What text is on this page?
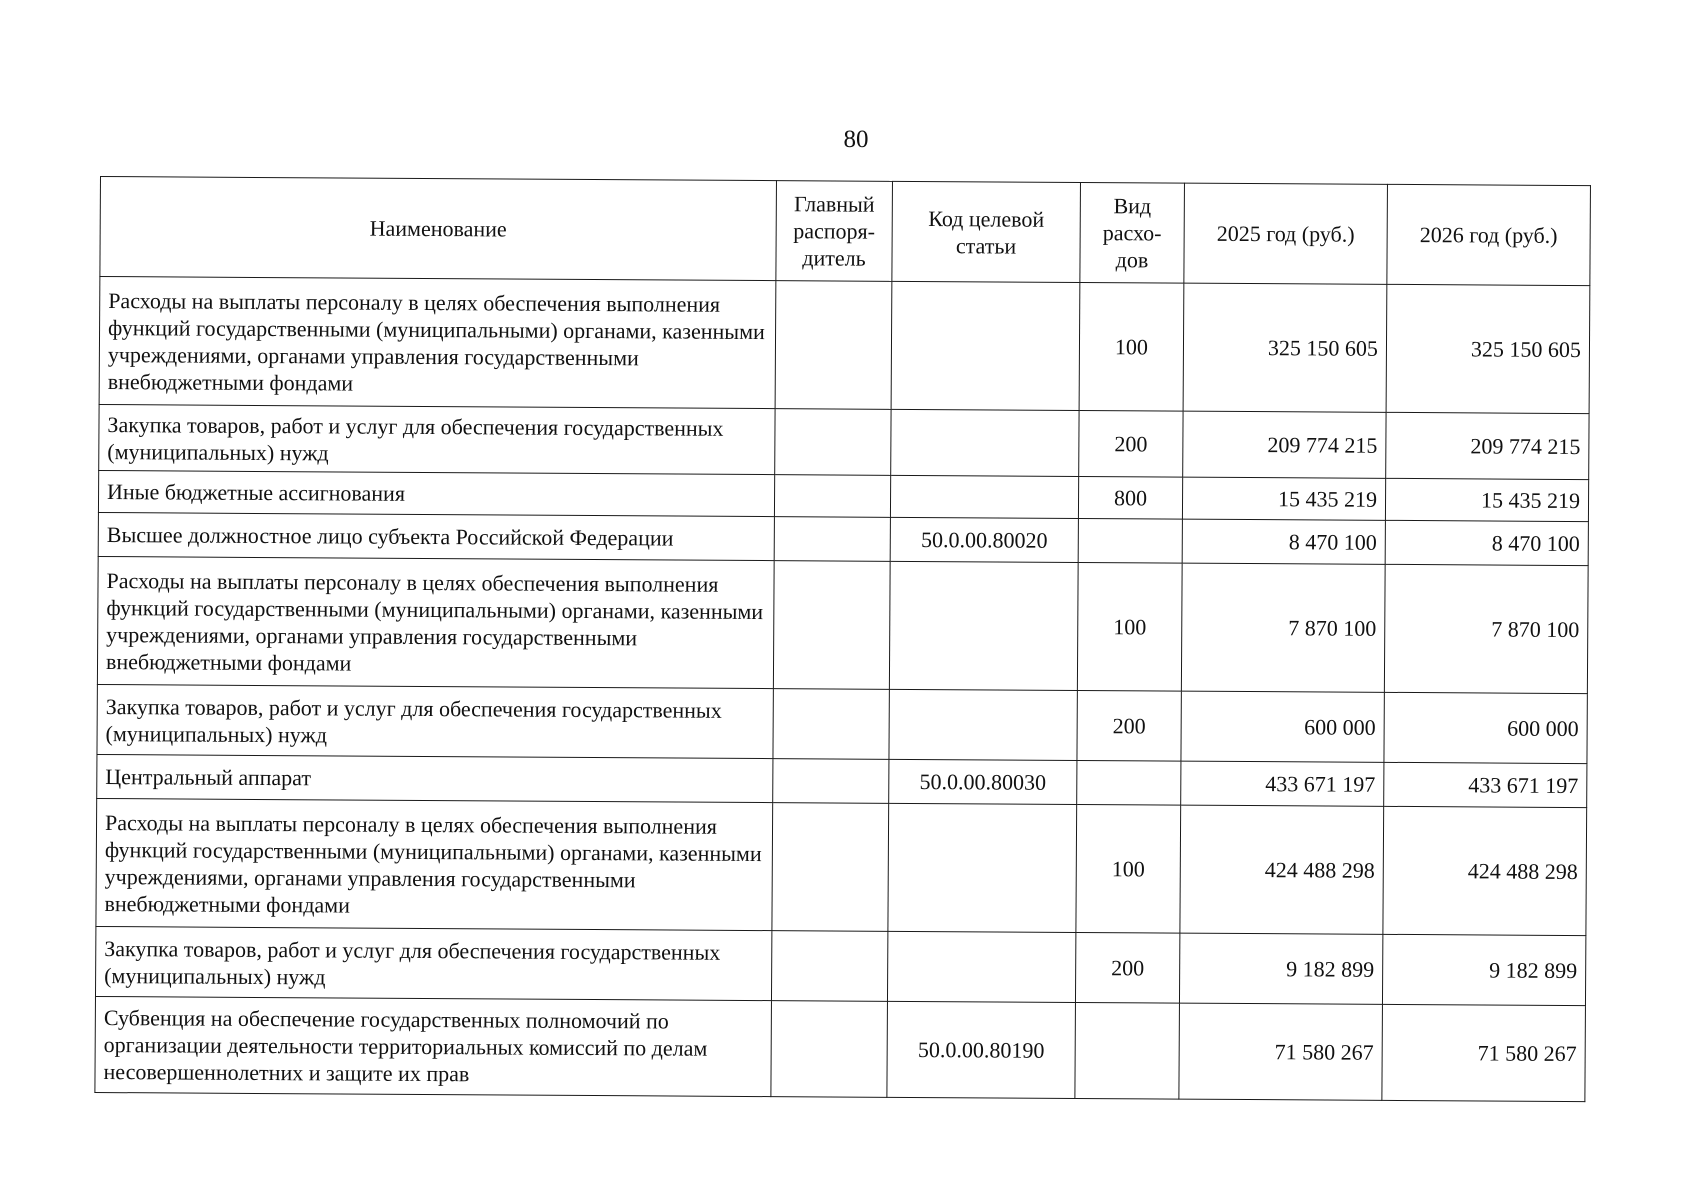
80
Наименование	Главный распоря-дитель	Код целевой статьи	Вид расхо-дов	2025 год (руб.)	2026 год (руб.)
Расходы на выплаты персоналу в целях обеспечения выполнения функций государственными (муниципальными) органами, казенными учреждениями, органами управления государственными внебюджетными фондами			100	325 150 605	325 150 605
Закупка товаров, работ и услуг для обеспечения государственных (муниципальных) нужд			200	209 774 215	209 774 215
Иные бюджетные ассигнования			800	15 435 219	15 435 219
Высшее должностное лицо субъекта Российской Федерации		50.0.00.80020		8 470 100	8 470 100
Расходы на выплаты персоналу в целях обеспечения выполнения функций государственными (муниципальными) органами, казенными учреждениями, органами управления государственными внебюджетными фондами			100	7 870 100	7 870 100
Закупка товаров, работ и услуг для обеспечения государственных (муниципальных) нужд			200	600 000	600 000
Центральный аппарат		50.0.00.80030		433 671 197	433 671 197
Расходы на выплаты персоналу в целях обеспечения выполнения функций государственными (муниципальными) органами, казенными учреждениями, органами управления государственными внебюджетными фондами			100	424 488 298	424 488 298
Закупка товаров, работ и услуг для обеспечения государственных (муниципальных) нужд			200	9 182 899	9 182 899
Субвенция на обеспечение государственных полномочий по организации деятельности территориальных комиссий по делам несовершеннолетних и защите их прав		50.0.00.80190		71 580 267	71 580 267
